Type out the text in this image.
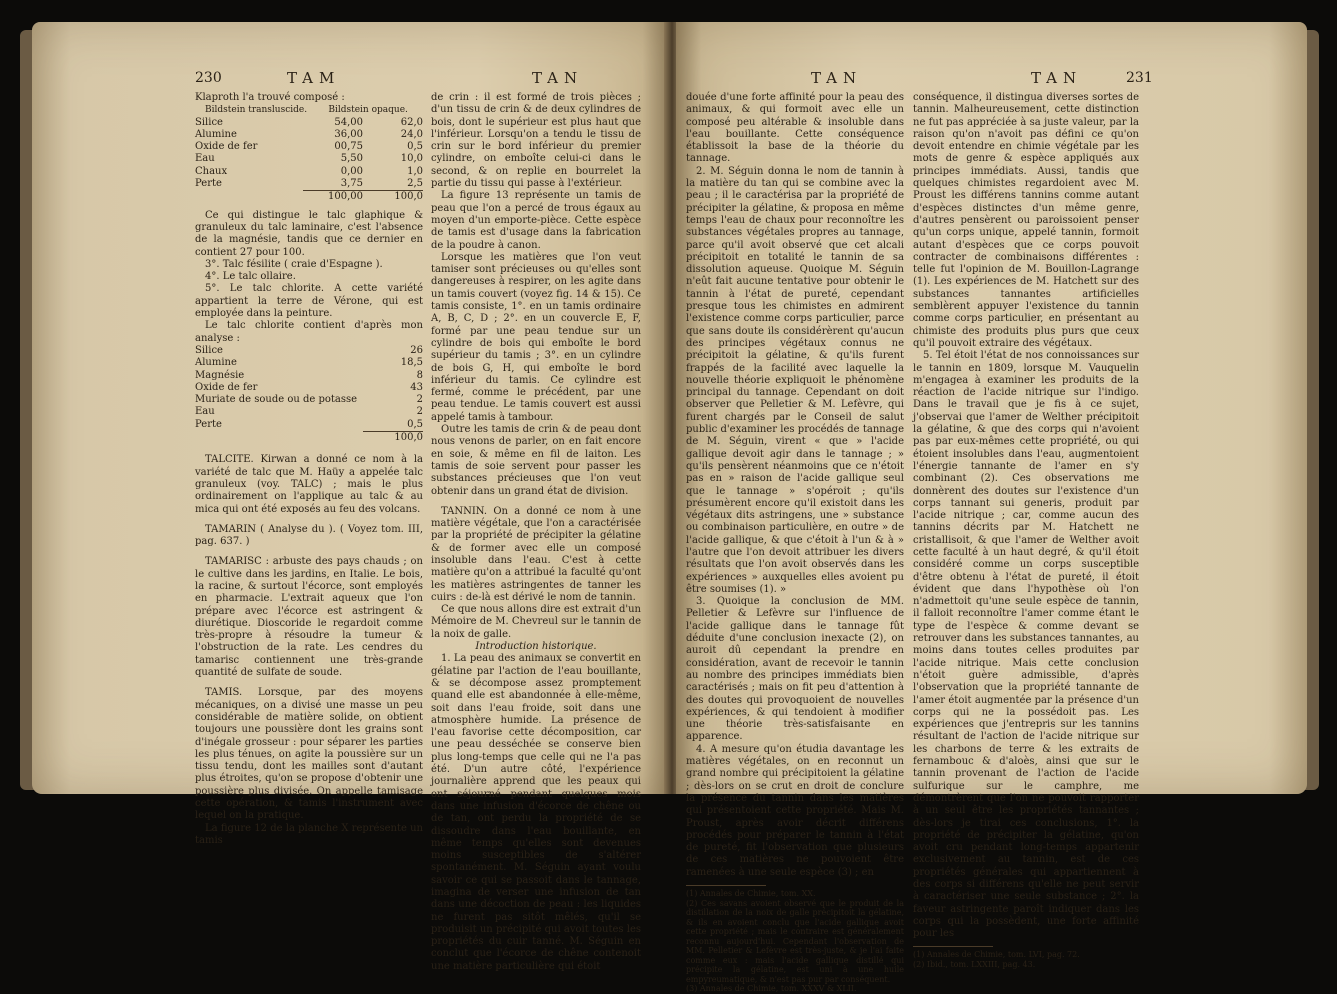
230	TAM	TAN

Klaproth l'a trouvé composé :

Bildstein transluscide.	Bildstein opaque.
Silice	54,00	62,0
Alumine	36,00	24,0
Oxide de fer	00,75	0,5
Eau	5,50	10,0
Chaux	0,00	1,0
Perte	3,75	2,5
	100,00	100,0

Ce qui distingue le talc glaphique & granuleux du talc laminaire, c'est l'absence de la magnésie, tandis que ce dernier en contient 27 pour 100.

3°. Talc fésilite ( craie d'Espagne ).

4°. Le talc ollaire.

5°. Le talc chlorite. A cette variété appartient la terre de Vérone, qui est employée dans la peinture.

Le talc chlorite contient d'après mon analyse :

Silice	26
Alumine	18,5
Magnésie	8
Oxide de fer	43
Muriate de soude ou de potasse	2
Eau	2
Perte	0,5
	100,0

TALCITE. Kirwan a donné ce nom à la variété de talc que M. Haüy a appelée talc granuleux (voy. TALC) ; mais le plus ordinairement on l'applique au talc & au mica qui ont été exposés au feu des volcans.

TAMARIN ( Analyse du ). ( Voyez tom. III, pag. 637. )

TAMARISC : arbuste des pays chauds ; on le cultive dans les jardins, en Italie. Le bois, la racine, & surtout l'écorce, sont employés en pharmacie. L'extrait aqueux que l'on prépare avec l'écorce est astringent & diurétique. Dioscoride le regardoit comme très-propre à résoudre la tumeur & l'obstruction de la rate. Les cendres du tamarisc contiennent une très-grande quantité de sulfate de soude.

TAMIS. Lorsque, par des moyens mécaniques, on a divisé une masse un peu considérable de matière solide, on obtient toujours une poussière dont les grains sont d'inégale grosseur : pour séparer les parties les plus ténues, on agite la poussière sur un tissu tendu, dont les mailles sont d'autant plus étroites, qu'on se propose d'obtenir une poussière plus divisée. On appelle tamisage cette opération, & tamis l'instrument avec lequel on la pratique.

La figure 12 de la planche X représente un tamis

de crin : il est formé de trois pièces ; d'un tissu de crin & de deux cylindres de bois, dont le supérieur est plus haut que l'inférieur. Lorsqu'on a tendu le tissu de crin sur le bord inférieur du premier cylindre, on emboîte celui-ci dans le second, & on replie en bourrelet la partie du tissu qui passe à l'extérieur.

La figure 13 représente un tamis de peau que l'on a percé de trous égaux au moyen d'un emporte-pièce. Cette espèce de tamis est d'usage dans la fabrication de la poudre à canon.

Lorsque les matières que l'on veut tamiser sont précieuses ou qu'elles sont dangereuses à respirer, on les agite dans un tamis couvert (voyez fig. 14 & 15). Ce tamis consiste, 1°. en un tamis ordinaire A, B, C, D ; 2°. en un couvercle E, F, formé par une peau tendue sur un cylindre de bois qui emboîte le bord supérieur du tamis ; 3°. en un cylindre de bois G, H, qui emboîte le bord inférieur du tamis. Ce cylindre est fermé, comme le précédent, par une peau tendue. Le tamis couvert est aussi appelé tamis à tambour.

Outre les tamis de crin & de peau dont nous venons de parler, on en fait encore en soie, & même en fil de laiton. Les tamis de soie servent pour passer les substances précieuses que l'on veut obtenir dans un grand état de division.

TANNIN. On a donné ce nom à une matière végétale, que l'on a caractérisée par la propriété de précipiter la gélatine & de former avec elle un composé insoluble dans l'eau. C'est à cette matière qu'on a attribué la faculté qu'ont les matières astringentes de tanner les cuirs : de-là est dérivé le nom de tannin.

Ce que nous allons dire est extrait d'un Mémoire de M. Chevreul sur le tannin de la noix de galle.

Introduction historique.

1. La peau des animaux se convertit en gélatine par l'action de l'eau bouillante, & se décompose assez promptement quand elle est abandonnée à elle-même, soit dans l'eau froide, soit dans une atmosphère humide. La présence de l'eau favorise cette décomposition, car une peau desséchée se conserve bien plus long-temps que celle qui ne l'a pas été. D'un autre côté, l'expérience journalière apprend que les peaux qui ont séjourné pendant quelques mois dans une infusion d'écorce de chêne ou de tan, ont perdu la propriété de se dissoudre dans l'eau bouillante, en même temps qu'elles sont devenues moins susceptibles de s'altérer spontanément. M. Séguin ayant voulu savoir ce qui se passoit dans le tannage, imagina de verser une infusion de tan dans une décoction de peau : les liquides ne furent pas sitôt mêlés, qu'il se produisit un précipité qui avoit toutes les propriétés du cuir tanné. M. Séguin en conclut que l'écorce de chêne contenoit une matière particulière qui étoit

TAN	TAN	231

douée d'une forte affinité pour la peau des animaux, & qui formoit avec elle un composé peu altérable & insoluble dans l'eau bouillante. Cette conséquence établissoit la base de la théorie du tannage.

2. M. Séguin donna le nom de tannin à la matière du tan qui se combine avec la peau ; il le caractérisa par la propriété de précipiter la gélatine, & proposa en même temps l'eau de chaux pour reconnoître les substances végétales propres au tannage, parce qu'il avoit observé que cet alcali précipitoit en totalité le tannin de sa dissolution aqueuse. Quoique M. Séguin n'eût fait aucune tentative pour obtenir le tannin à l'état de pureté, cependant presque tous les chimistes en admirent l'existence comme corps particulier, parce que sans doute ils considérèrent qu'aucun des principes végétaux connus ne précipitoit la gélatine, & qu'ils furent frappés de la facilité avec laquelle la nouvelle théorie expliquoit le phénomène principal du tannage. Cependant on doit observer que Pelletier & M. Lefèvre, qui furent chargés par le Conseil de salut public d'examiner les procédés de tannage de M. Séguin, virent « que » l'acide gallique devoit agir dans le tannage ; » qu'ils pensèrent néanmoins que ce n'étoit pas en » raison de l'acide gallique seul que le tannage » s'opéroit ; qu'ils présumèrent encore qu'il existoit dans les végétaux dits astringens, une » substance ou combinaison particulière, en outre » de l'acide gallique, & que c'étoit à l'un & à » l'autre que l'on devoit attribuer les divers résultats que l'on avoit observés dans les expériences » auxquelles elles avoient pu être soumises (1). »

3. Quoique la conclusion de MM. Pelletier & Lefèvre sur l'influence de l'acide gallique dans le tannage fût déduite d'une conclusion inexacte (2), on auroit dû cependant la prendre en considération, avant de recevoir le tannin au nombre des principes immédiats bien caractérisés ; mais on fit peu d'attention à des doutes qui provoquoient de nouvelles expériences, & qui tendoient à modifier une théorie très-satisfaisante en apparence.

4. A mesure qu'on étudia davantage les matières végétales, on en reconnut un grand nombre qui précipitoient la gélatine ; dès-lors on se crut en droit de conclure la présence du tannin dans les matières qui présentoient cette propriété. Mais M. Proust, après avoir décrit différens procédés pour préparer le tannin à l'état de pureté, fit l'observation que plusieurs de ces matières ne pouvoient être ramenées à une seule espèce (3) ; en

(1) Annales de Chimie, tom. XX.

(2) Ces savans avoient observé que le produit de la distillation de la noix de galle précipitoit la gélatine, & ils en avoient conclu que l'acide gallique avoit cette propriété ; mais le contraire est généralement reconnu aujourd'hui. Cependant l'observation de MM. Pelletier & Lefèvre est très-juste, & je l'ai faite comme eux : mais l'acide gallique distillé qui précipite la gélatine, est uni à une huile empyreumatique, & n'est pas pur par conséquent.

(3) Annales de Chimie, tom. XXXV & XLII.

conséquence, il distingua diverses sortes de tannin. Malheureusement, cette distinction ne fut pas appréciée à sa juste valeur, par la raison qu'on n'avoit pas défini ce qu'on devoit entendre en chimie végétale par les mots de genre & espèce appliqués aux principes immédiats. Aussi, tandis que quelques chimistes regardoient avec M. Proust les différens tannins comme autant d'espèces distinctes d'un même genre, d'autres pensèrent ou paroissoient penser qu'un corps unique, appelé tannin, formoit autant d'espèces que ce corps pouvoit contracter de combinaisons différentes : telle fut l'opinion de M. Bouillon-Lagrange (1). Les expériences de M. Hatchett sur des substances tannantes artificielles semblèrent appuyer l'existence du tannin comme corps particulier, en présentant au chimiste des produits plus purs que ceux qu'il pouvoit extraire des végétaux.

5. Tel étoit l'état de nos connoissances sur le tannin en 1809, lorsque M. Vauquelin m'engagea à examiner les produits de la réaction de l'acide nitrique sur l'indigo. Dans le travail que je fis à ce sujet, j'observai que l'amer de Welther précipitoit la gélatine, & que des corps qui n'avoient pas par eux-mêmes cette propriété, ou qui étoient insolubles dans l'eau, augmentoient l'énergie tannante de l'amer en s'y combinant (2). Ces observations me donnèrent des doutes sur l'existence d'un corps tannant sui generis, produit par l'acide nitrique ; car, comme aucun des tannins décrits par M. Hatchett ne cristallisoit, & que l'amer de Welther avoit cette faculté à un haut degré, & qu'il étoit considéré comme un corps susceptible d'être obtenu à l'état de pureté, il étoit évident que dans l'hypothèse où l'on n'admettoit qu'une seule espèce de tannin, il falloit reconnoître l'amer comme étant le type de l'espèce & comme devant se retrouver dans les substances tannantes, au moins dans toutes celles produites par l'acide nitrique. Mais cette conclusion n'étoit guère admissible, d'après l'observation que la propriété tannante de l'amer étoit augmentée par la présence d'un corps qui ne la possédoit pas. Les expériences que j'entrepris sur les tannins résultant de l'action de l'acide nitrique sur les charbons de terre & les extraits de fernambouc & d'aloès, ainsi que sur le tannin provenant de l'action de l'acide sulfurique sur le camphre, me démontrèrent que l'on ne pouvoit rapporter à un seul être les propriétés tannantes ; dès-lors je tirai ces conclusions, 1°. la propriété de précipiter la gélatine, qu'on avoit cru pendant long-temps appartenir exclusivement au tannin, est de ces propriétés générales qui appartiennent à des corps si différens qu'elle ne peut servir à caractériser une seule substance ; 2°. la faveur astringente paroît indiquer dans les corps qui la possèdent, une forte affinité pour les

(1) Annales de Chimie, tom. LVI, pag. 72.

(2) Ibid., tom. LXXIII, pag. 43.
